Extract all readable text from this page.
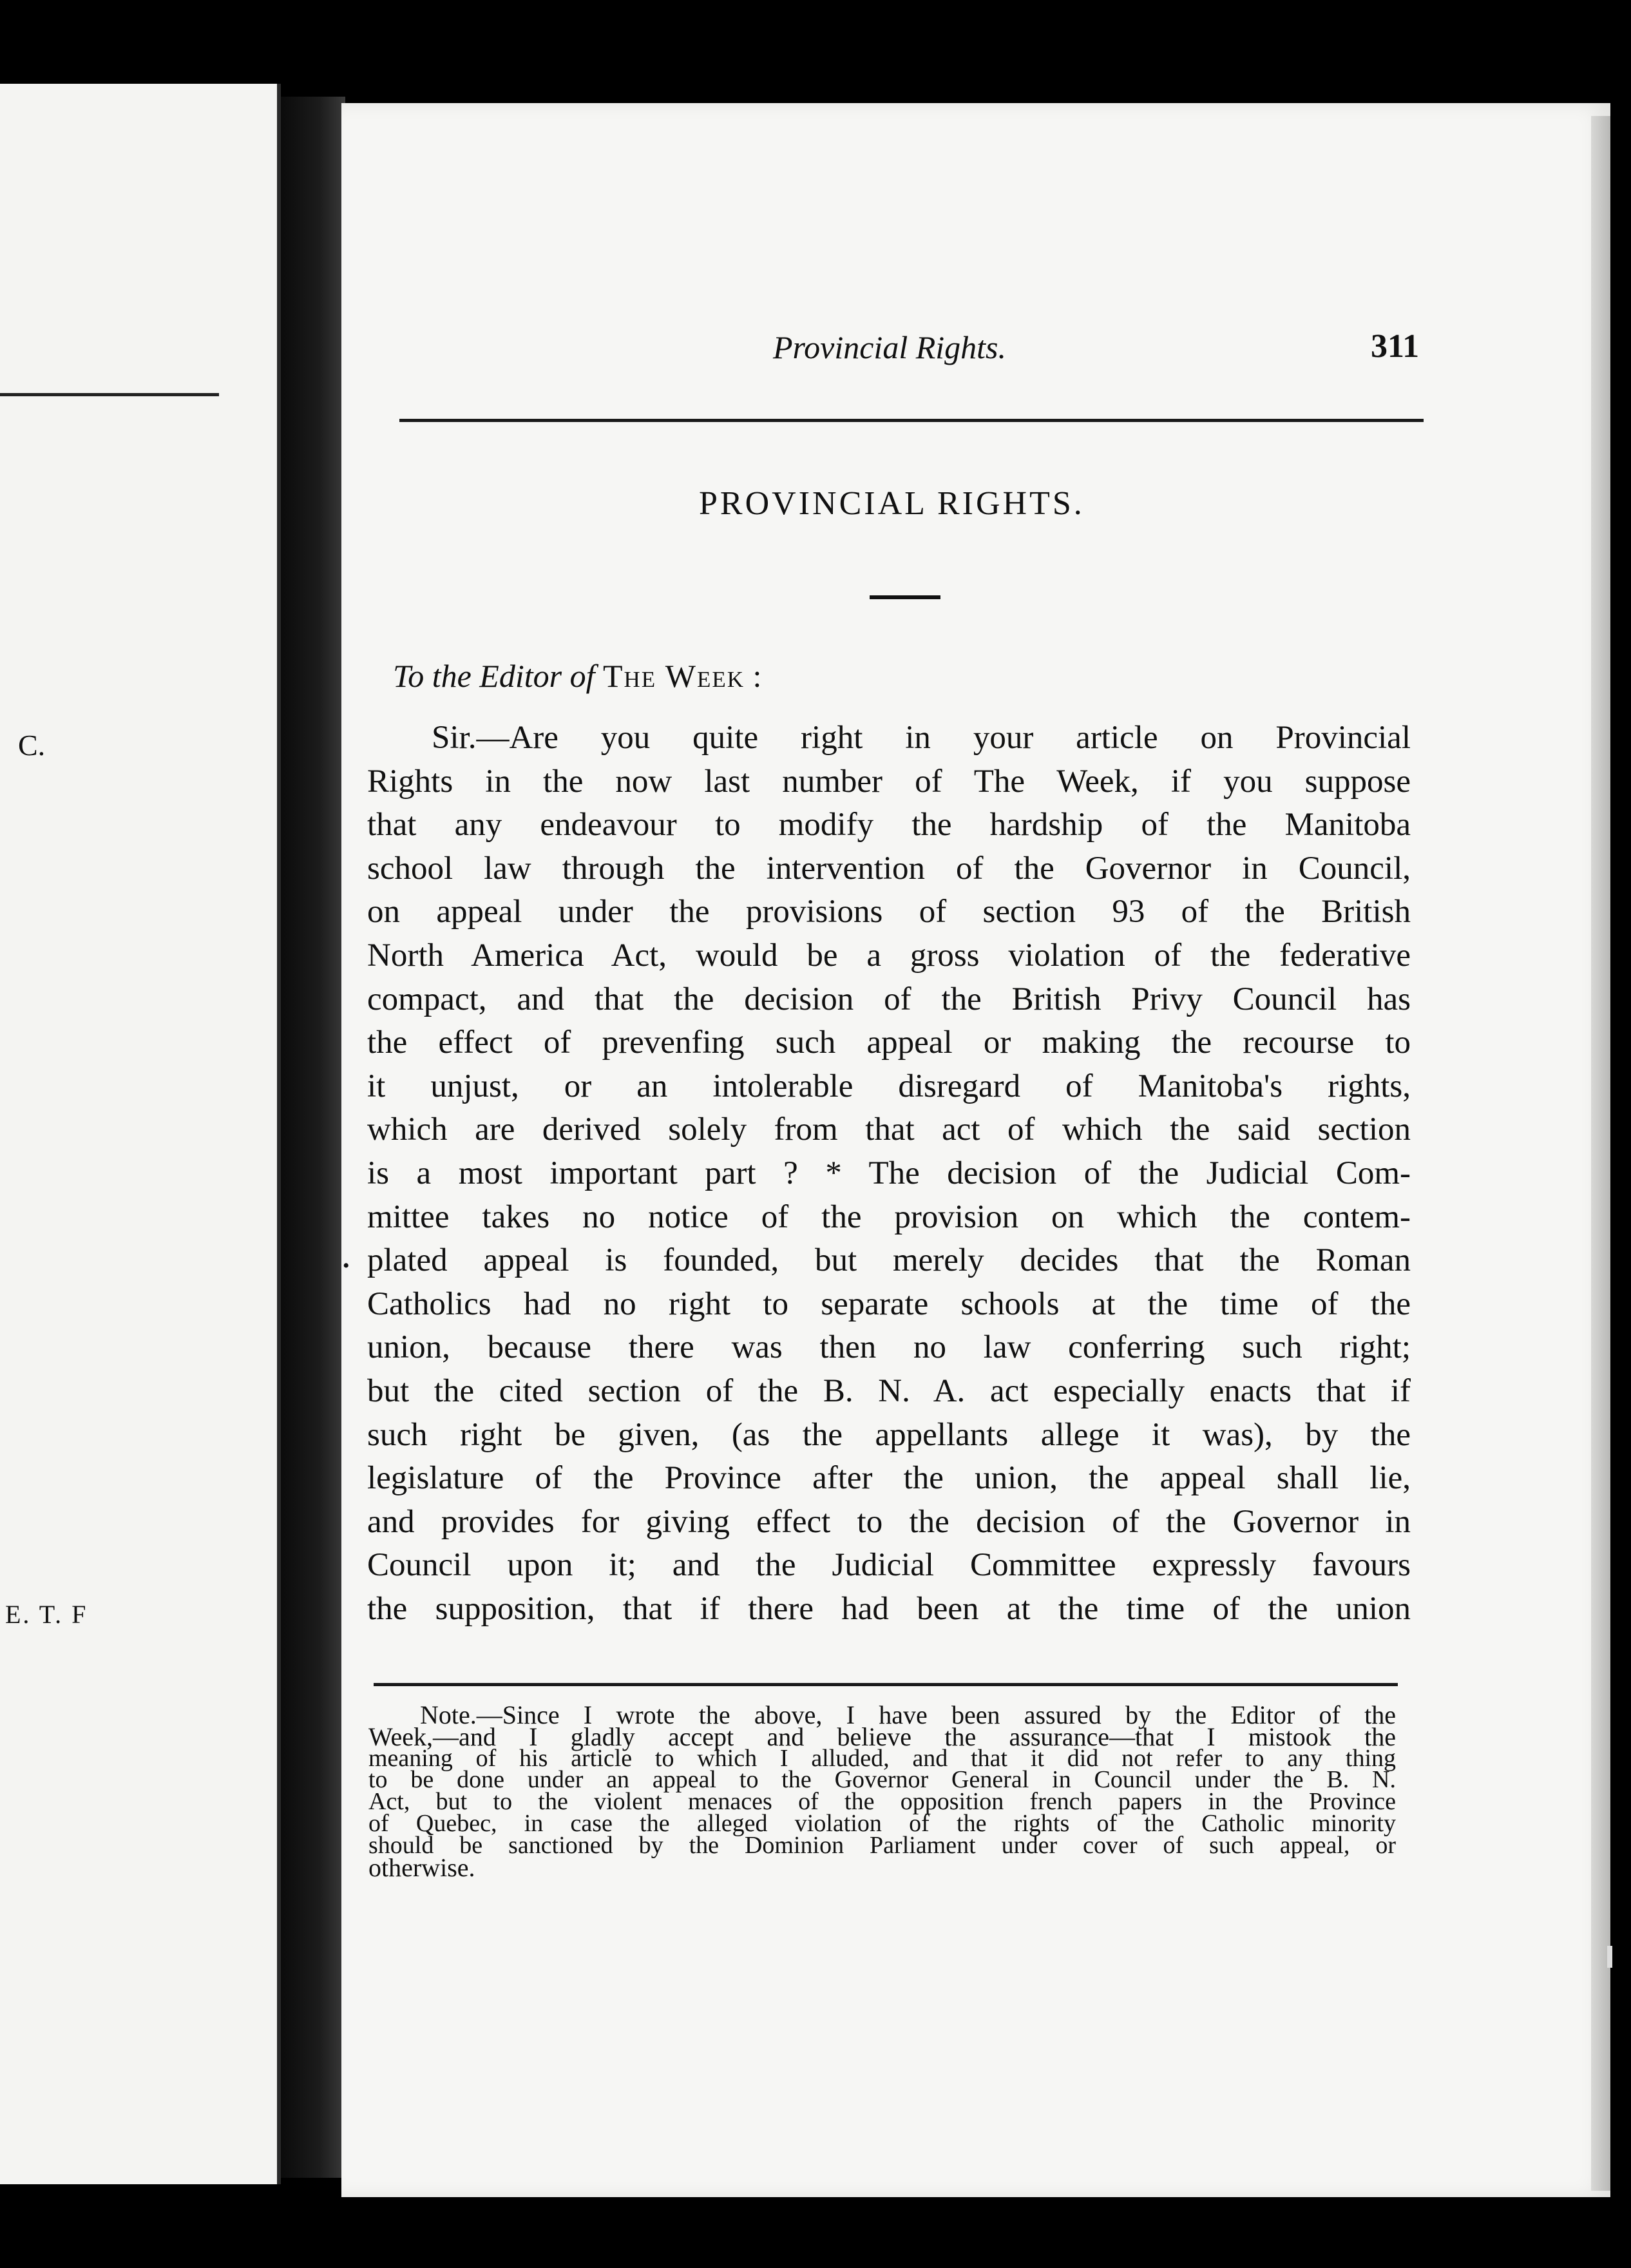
C.
E. T. F
Provincial Rights.	311
PROVINCIAL RIGHTS.
To the Editor of The Week :
•
Sir.—Are you quite right in your article on Provincial
Rights in the now last number of The Week, if you suppose
that any endeavour to modify the hardship of the Manitoba
school law through the intervention of the Governor in Council,
on appeal under the provisions of section 93 of the British
North America Act, would be a gross violation of the federative
compact, and that the decision of the British Privy Council has
the effect of prevenfing such appeal or making the recourse to
it unjust, or an intolerable disregard of Manitoba's rights,
which are derived solely from that act of which the said section
is a most important part ? * The decision of the Judicial Com-
mittee takes no notice of the provision on which the contem-
plated appeal is founded, but merely decides that the Roman
Catholics had no right to separate schools at the time of the
union, because there was then no law conferring such right;
but the cited section of the B. N. A. act especially enacts that if
such right be given, (as the appellants allege it was), by the
legislature of the Province after the union, the appeal shall lie,
and provides for giving effect to the decision of the Governor in
Council upon it; and the Judicial Committee expressly favours
the supposition, that if there had been at the time of the union
Note.—Since I wrote the above, I have been assured by the Editor of the
Week,—and I gladly accept and believe the assurance—that I mistook the
meaning of his article to which I alluded, and that it did not refer to any thing
to be done under an appeal to the Governor General in Council under the B. N.
Act, but to the violent menaces of the opposition french papers in the Province
of Quebec, in case the alleged violation of the rights of the Catholic minority
should be sanctioned by the Dominion Parliament under cover of such appeal, or
otherwise.
